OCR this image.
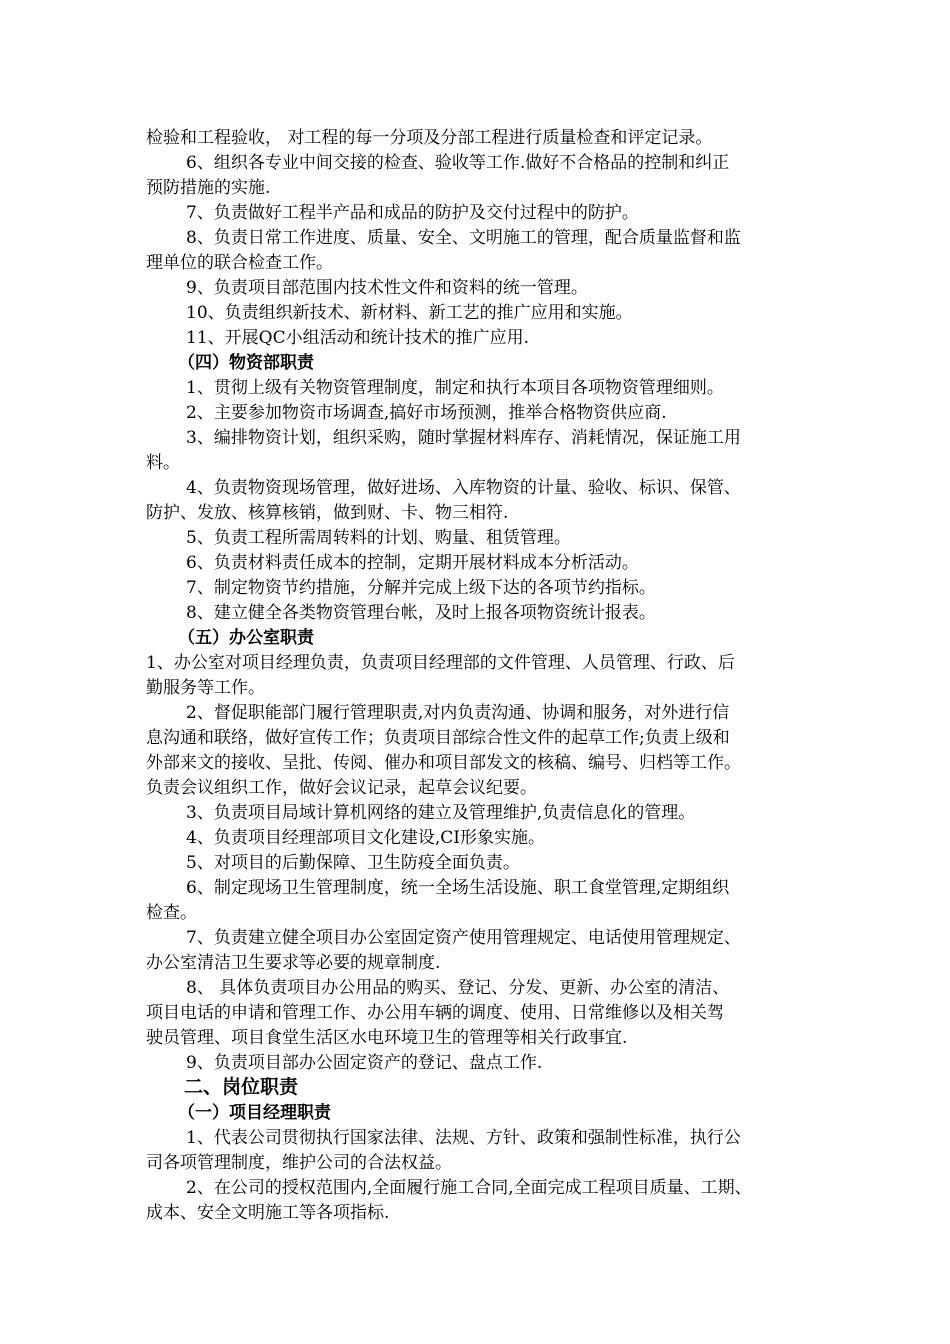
检验和工程验收， 对工程的每一分项及分部工程进行质量检查和评定记录。
6、组织各专业中间交接的检查、验收等工作.做好不合格品的控制和纠正
预防措施的实施.
7、负责做好工程半产品和成品的防护及交付过程中的防护。
8、负责日常工作进度、质量、安全、文明施工的管理，配合质量监督和监
理单位的联合检查工作。
9、负责项目部范围内技术性文件和资料的统一管理。
10、负责组织新技术、新材料、新工艺的推广应用和实施。
11、开展QC小组活动和统计技术的推广应用.
（四）物资部职责
1、贯彻上级有关物资管理制度，制定和执行本项目各项物资管理细则。
2、主要参加物资市场调查,搞好市场预测，推举合格物资供应商.
3、编排物资计划，组织采购，随时掌握材料库存、消耗情况，保证施工用
料。
4、负责物资现场管理，做好进场、入库物资的计量、验收、标识、保管、
防护、发放、核算核销，做到财、卡、物三相符.
5、负责工程所需周转料的计划、购量、租赁管理。
6、负责材料责任成本的控制，定期开展材料成本分析活动。
7、制定物资节约措施，分解并完成上级下达的各项节约指标。
8、建立健全各类物资管理台帐，及时上报各项物资统计报表。
（五）办公室职责
1、办公室对项目经理负责，负责项目经理部的文件管理、人员管理、行政、后
勤服务等工作。
2、督促职能部门履行管理职责,对内负责沟通、协调和服务，对外进行信
息沟通和联络，做好宣传工作；负责项目部综合性文件的起草工作;负责上级和
外部来文的接收、呈批、传阅、催办和项目部发文的核稿、编号、归档等工作。
负责会议组织工作，做好会议记录，起草会议纪要。
3、负责项目局域计算机网络的建立及管理维护,负责信息化的管理。
4、负责项目经理部项目文化建设,CI形象实施。
5、对项目的后勤保障、卫生防疫全面负责。
6、制定现场卫生管理制度，统一全场生活设施、职工食堂管理,定期组织
检查。
7、负责建立健全项目办公室固定资产使用管理规定、电话使用管理规定、
办公室清洁卫生要求等必要的规章制度.
8、 具体负责项目办公用品的购买、登记、分发、更新、办公室的清洁、
项目电话的申请和管理工作、办公用车辆的调度、使用、日常维修以及相关驾
驶员管理、项目食堂生活区水电环境卫生的管理等相关行政事宜.
9、负责项目部办公固定资产的登记、盘点工作.
二、岗位职责
（一）项目经理职责
1、代表公司贯彻执行国家法律、法规、方针、政策和强制性标准，执行公
司各项管理制度，维护公司的合法权益。
2、在公司的授权范围内,全面履行施工合同,全面完成工程项目质量、工期、
成本、安全文明施工等各项指标.
